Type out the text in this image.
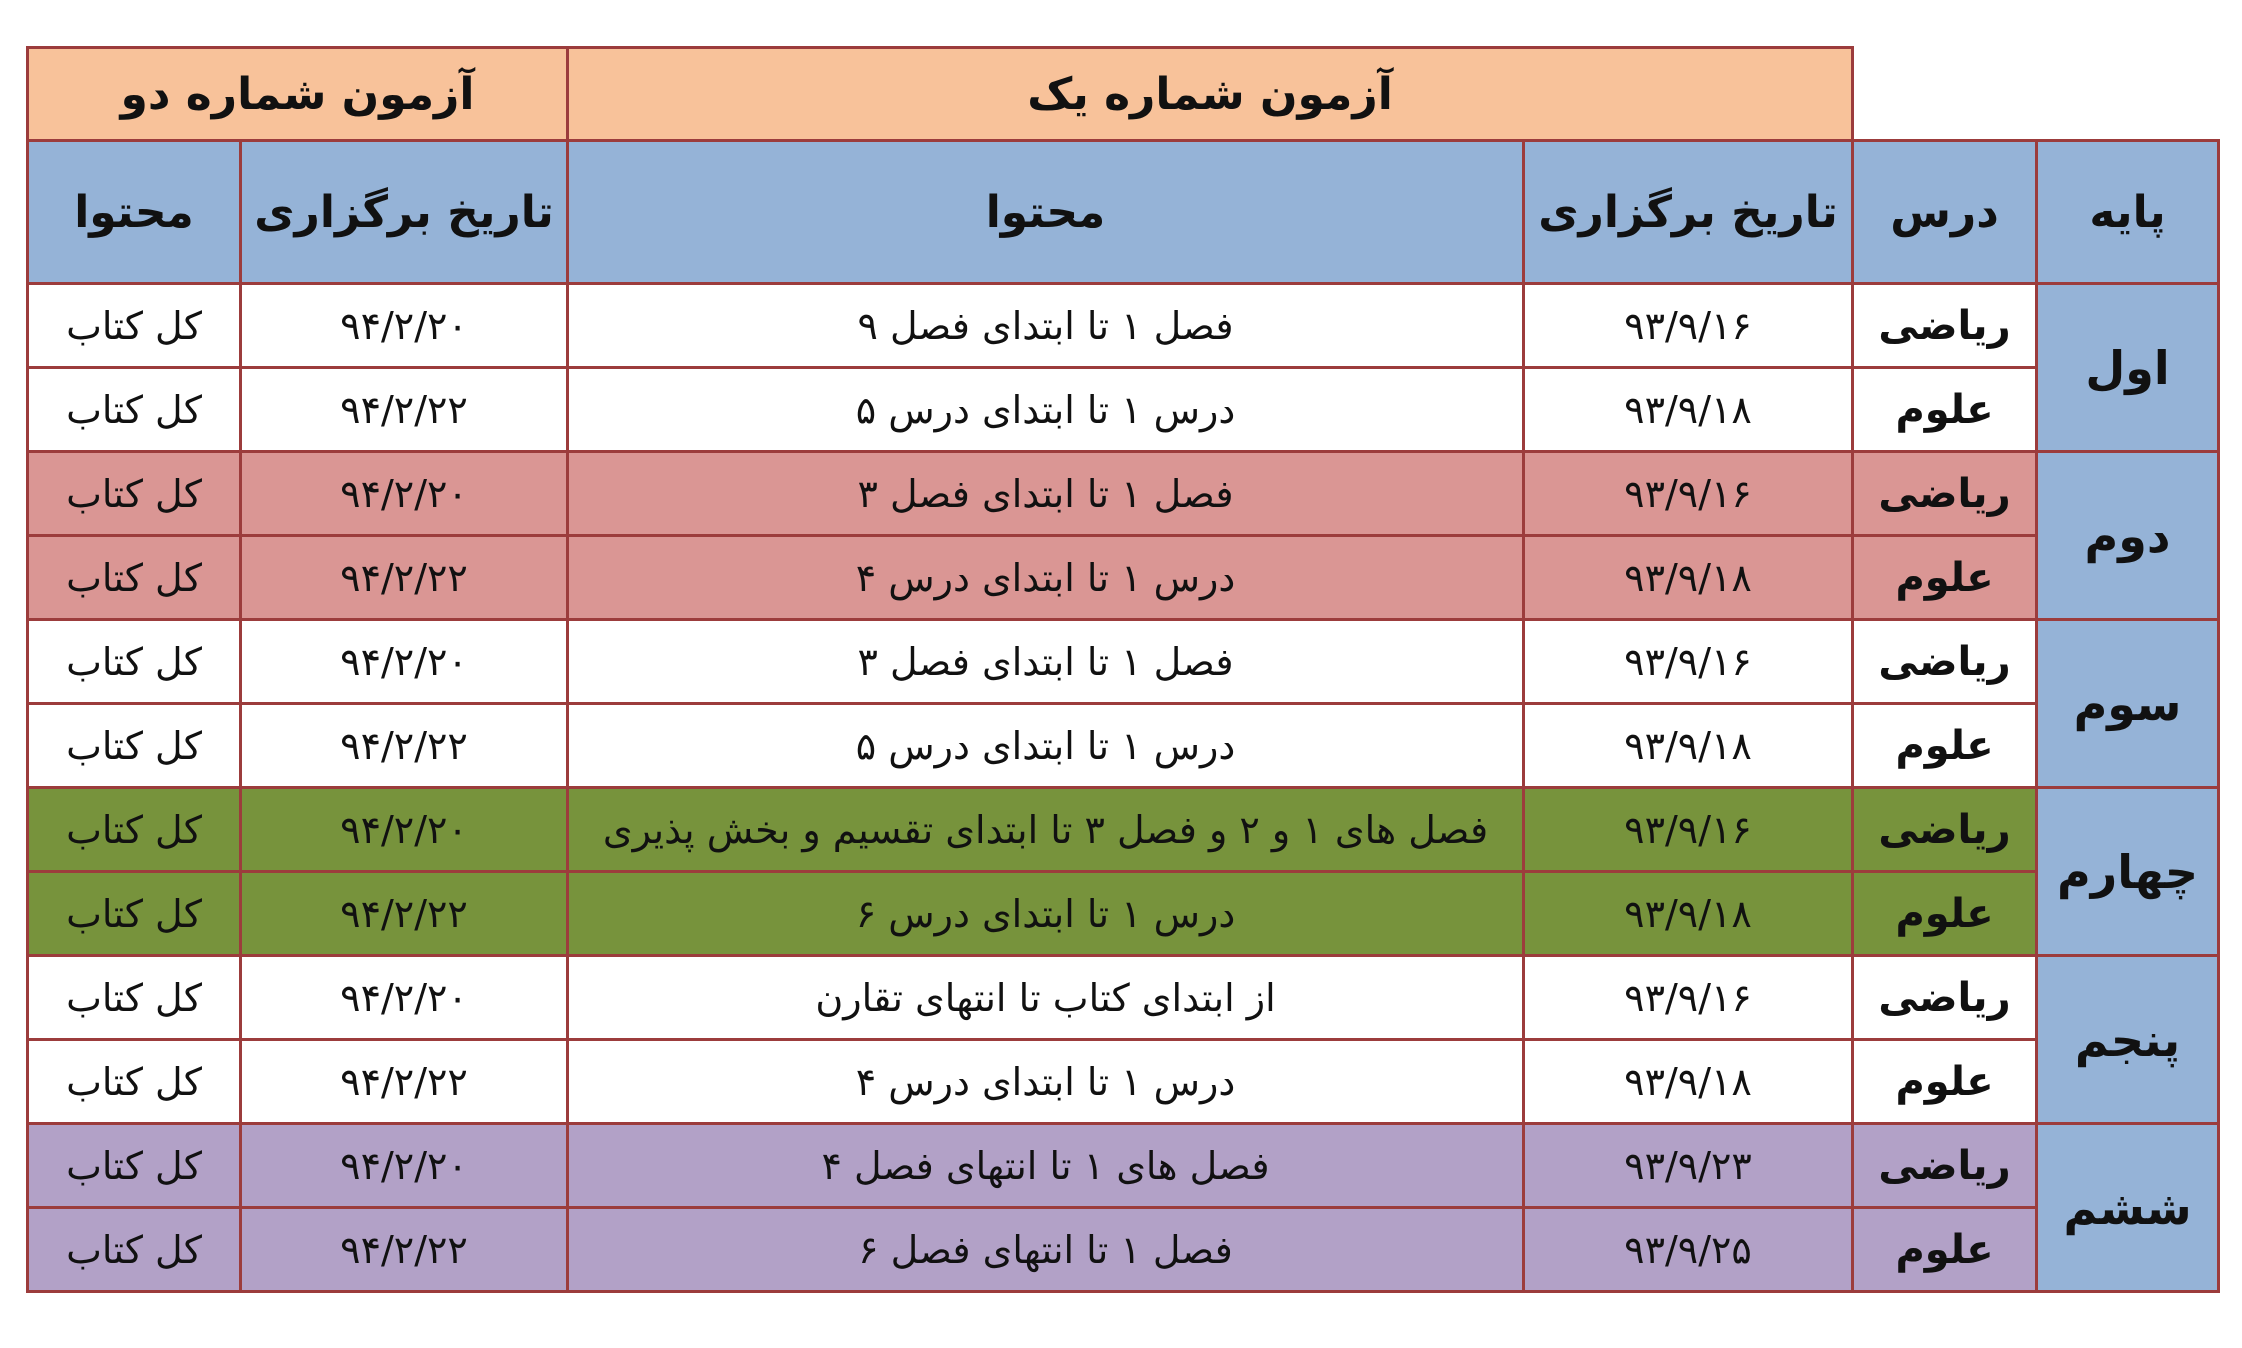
آزمون شماره دو		آزمون شماره یک			
محتوا	تاریخ برگزاری	محتوا	تاریخ برگزاری	درس	پایه
کل کتاب	۹۴/۲/۲۰	فصل ۱ تا ابتدای فصل ۹	۹۳/۹/۱۶	ریاضی	اول
کل کتاب	۹۴/۲/۲۲	درس ۱ تا ابتدای درس ۵	۹۳/۹/۱۸	علوم	
کل کتاب	۹۴/۲/۲۰	فصل ۱ تا ابتدای فصل ۳	۹۳/۹/۱۶	ریاضی	دوم
کل کتاب	۹۴/۲/۲۲	درس ۱ تا ابتدای درس ۴	۹۳/۹/۱۸	علوم	
کل کتاب	۹۴/۲/۲۰	فصل ۱ تا ابتدای فصل ۳	۹۳/۹/۱۶	ریاضی	سوم
کل کتاب	۹۴/۲/۲۲	درس ۱ تا ابتدای درس ۵	۹۳/۹/۱۸	علوم	
کل کتاب	۹۴/۲/۲۰	فصل های ۱ و ۲ و فصل ۳ تا ابتدای تقسیم و بخش پذیری	۹۳/۹/۱۶	ریاضی	چهارم
کل کتاب	۹۴/۲/۲۲	درس ۱ تا ابتدای درس ۶	۹۳/۹/۱۸	علوم	
کل کتاب	۹۴/۲/۲۰	از ابتدای کتاب تا انتهای تقارن	۹۳/۹/۱۶	ریاضی	پنجم
کل کتاب	۹۴/۲/۲۲	درس ۱ تا ابتدای درس ۴	۹۳/۹/۱۸	علوم	
کل کتاب	۹۴/۲/۲۰	فصل های ۱ تا انتهای فصل ۴	۹۳/۹/۲۳	ریاضی	ششم
کل کتاب	۹۴/۲/۲۲	فصل ۱ تا انتهای فصل ۶	۹۳/۹/۲۵	علوم	
